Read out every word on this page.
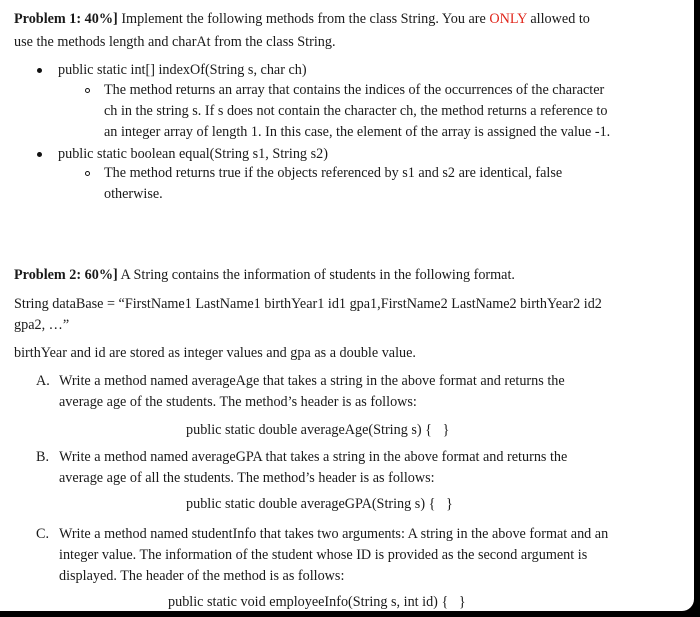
Problem 1: 40%] Implement the following methods from the class String. You are ONLY allowed to
use the methods length and charAt from the class String.
public static int[] indexOf(String s, char ch)
The method returns an array that contains the indices of the occurrences of the character
ch in the string s. If s does not contain the character ch, the method returns a reference to
an integer array of length 1. In this case, the element of the array is assigned the value -1.
public static boolean equal(String s1, String s2)
The method returns true if the objects referenced by s1 and s2 are identical, false
otherwise.
Problem 2: 60%] A String contains the information of students in the following format.
String dataBase = “FirstName1 LastName1 birthYear1 id1 gpa1,FirstName2 LastName2 birthYear2 id2
gpa2, …”
birthYear and id are stored as integer values and gpa as a double value.
A. Write a method named averageAge that takes a string in the above format and returns the
average age of the students. The method’s header is as follows:
public static double averageAge(String s) {   }
B. Write a method named averageGPA that takes a string in the above format and returns the
average age of all the students. The method’s header is as follows:
public static double averageGPA(String s) {   }
C. Write a method named studentInfo that takes two arguments: A string in the above format and an
integer value. The information of the student whose ID is provided as the second argument is
displayed. The header of the method is as follows:
public static void employeeInfo(String s, int id) {   }
